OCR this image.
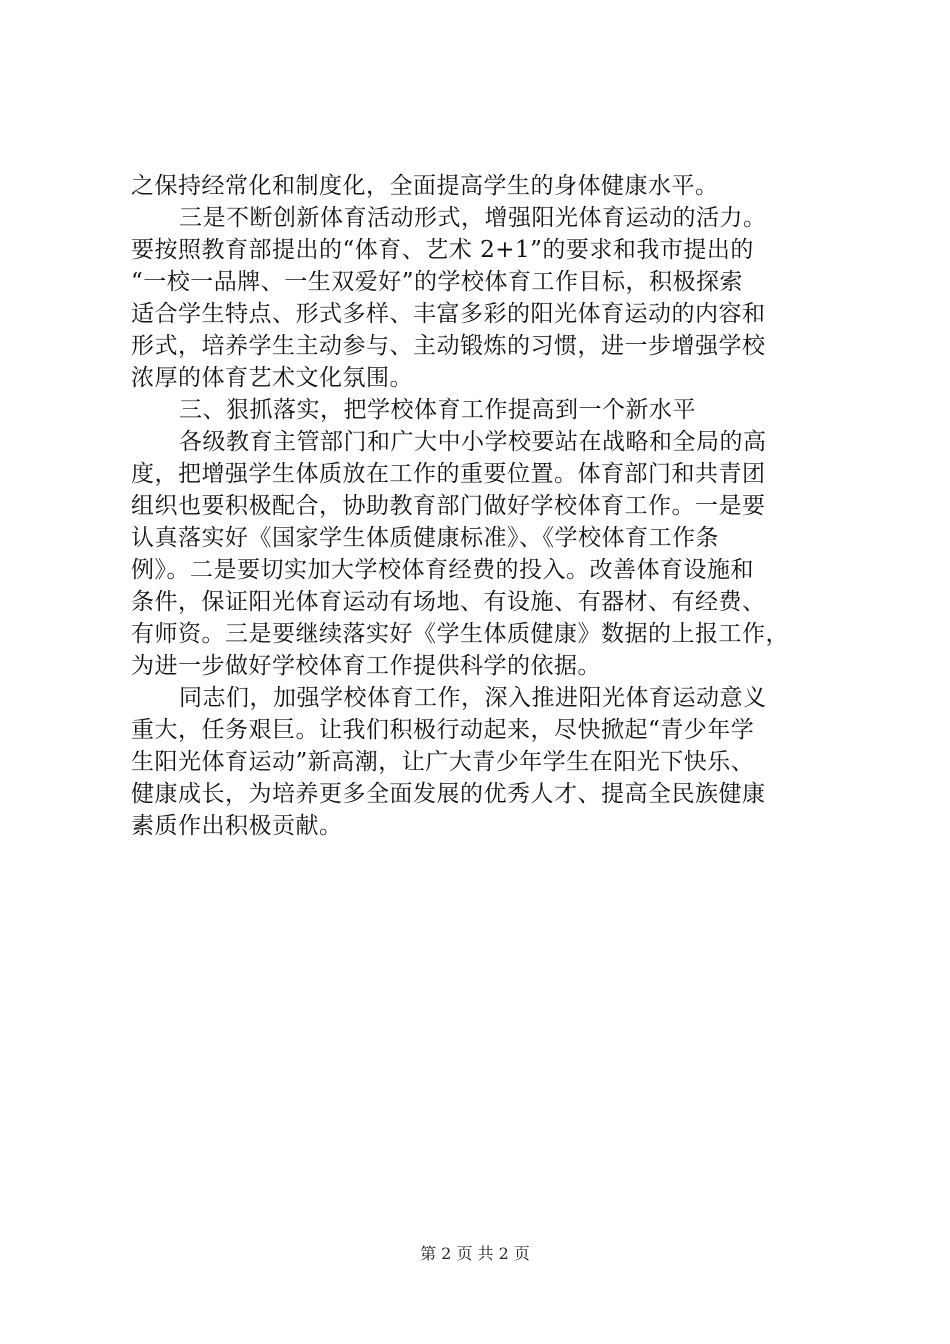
之保持经常化和制度化，全面提高学生的身体健康水平。
三是不断创新体育活动形式，增强阳光体育运动的活力。
要按照教育部提出的“体育、艺术 2+1”的要求和我市提出的
“一校一品牌、一生双爱好”的学校体育工作目标，积极探索
适合学生特点、形式多样、丰富多彩的阳光体育运动的内容和
形式，培养学生主动参与、主动锻炼的习惯，进一步增强学校
浓厚的体育艺术文化氛围。
三、狠抓落实，把学校体育工作提高到一个新水平
各级教育主管部门和广大中小学校要站在战略和全局的高
度，把增强学生体质放在工作的重要位置。体育部门和共青团
组织也要积极配合，协助教育部门做好学校体育工作。一是要
认真落实好《国家学生体质健康标准》、《学校体育工作条
例》。二是要切实加大学校体育经费的投入。改善体育设施和
条件，保证阳光体育运动有场地、有设施、有器材、有经费、
有师资。三是要继续落实好《学生体质健康》数据的上报工作，
为进一步做好学校体育工作提供科学的依据。
同志们，加强学校体育工作，深入推进阳光体育运动意义
重大，任务艰巨。让我们积极行动起来，尽快掀起“青少年学
生阳光体育运动”新高潮，让广大青少年学生在阳光下快乐、
健康成长，为培养更多全面发展的优秀人才、提高全民族健康
素质作出积极贡献。
第 2 页 共 2 页
